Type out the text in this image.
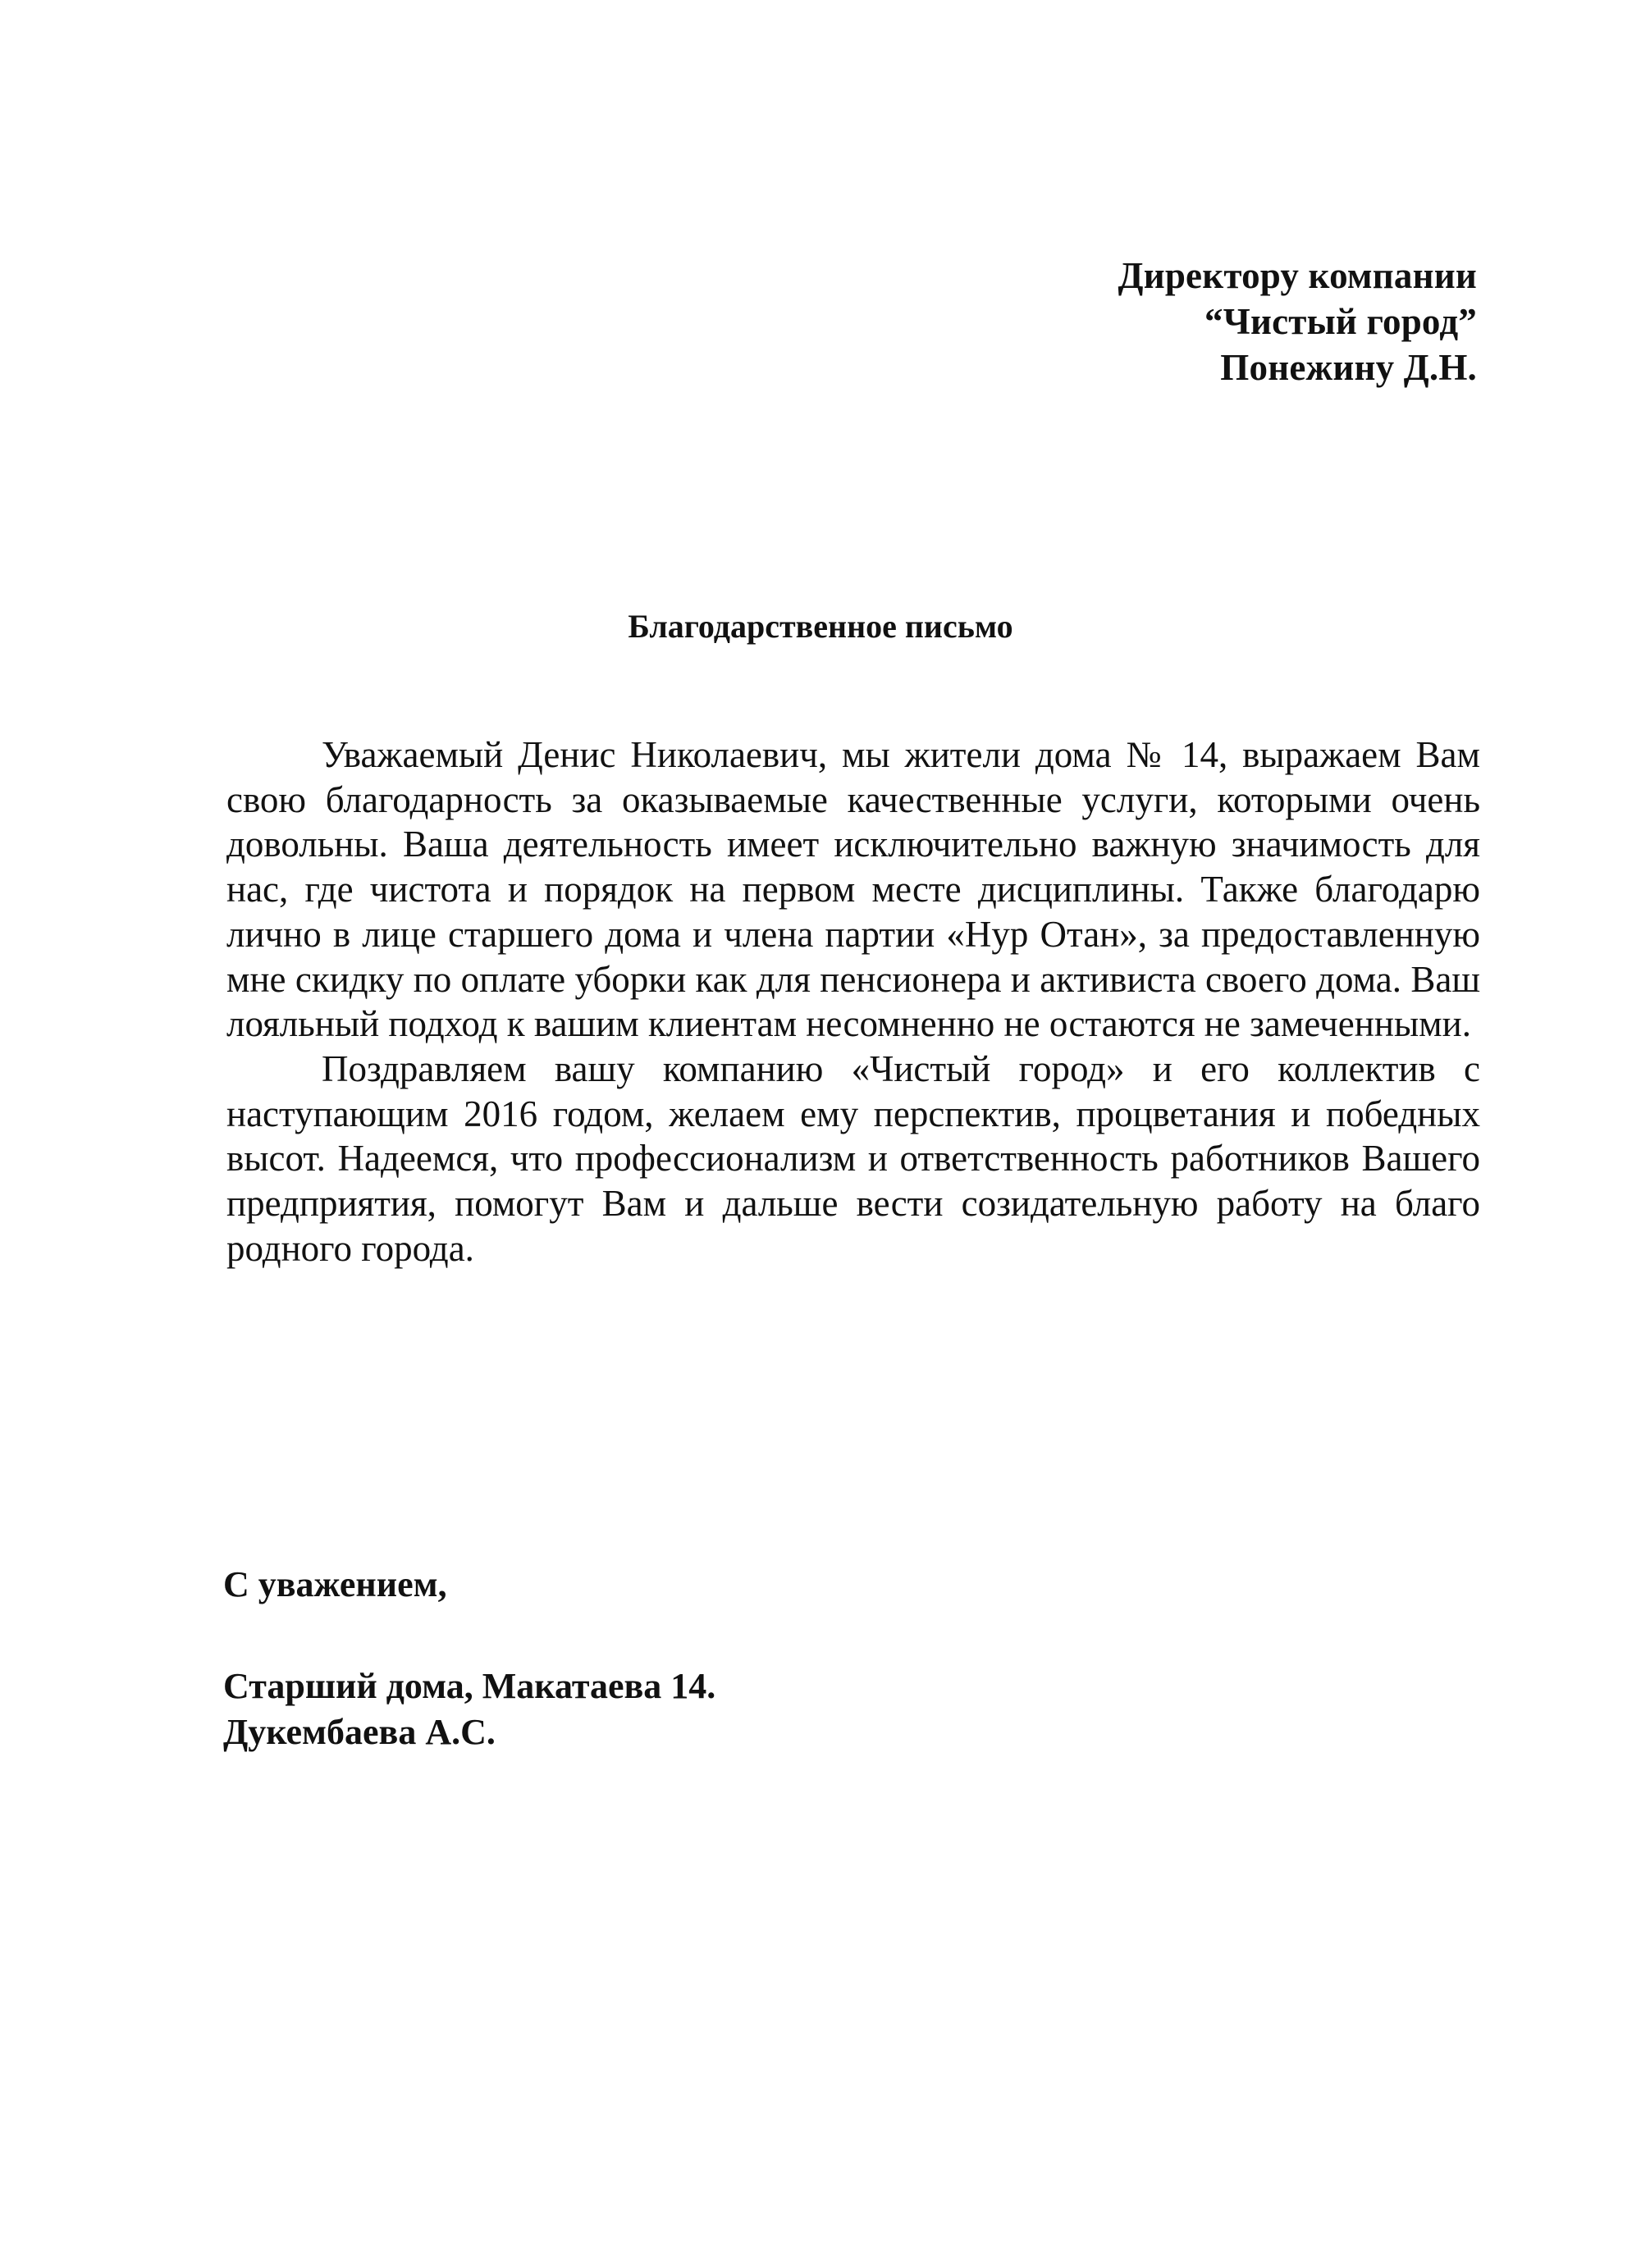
Директору компании
“Чистый город”
Понежину Д.Н.
Благодарственное письмо

Уважаемый Денис Николаевич, мы жители дома № 14, выражаем Вам свою благодарность за оказываемые качественные услуги, которыми очень довольны. Ваша деятельность имеет исключительно важную значимость для нас, где чистота и порядок на первом месте дисциплины. Также благодарю лично в лице старшего дома и члена партии «Нур Отан», за предоставленную мне скидку по оплате уборки как для пенсионера и активиста своего дома. Ваш лояльный подход к вашим клиентам несомненно не остаются не замеченными.

Поздравляем вашу компанию «Чистый город» и его коллектив с наступающим 2016 годом, желаем ему перспектив, процветания и победных высот. Надеемся, что профессионализм и ответственность работников Вашего предприятия, помогут Вам и дальше вести созидательную работу на благо родного города.

С уважением,
Старший дома, Макатаева 14.
Дукембаева А.С.
